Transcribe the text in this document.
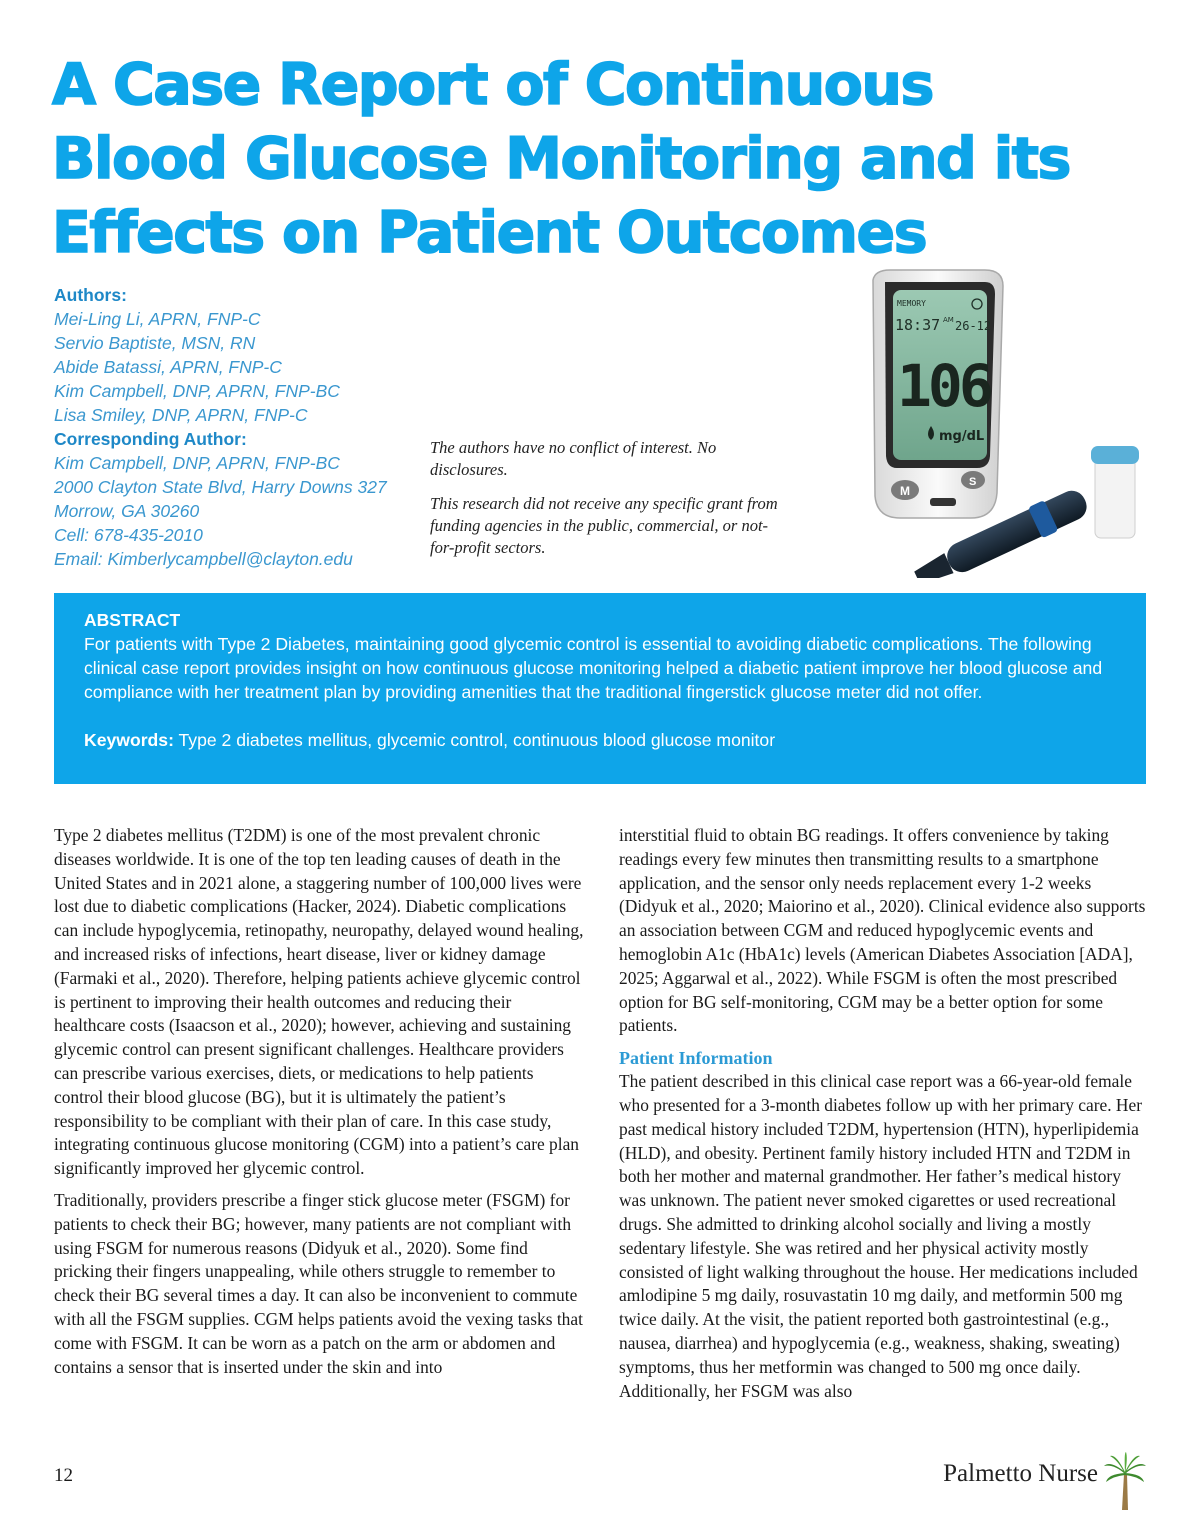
A Case Report of Continuous
Blood Glucose Monitoring and its
Effects on Patient Outcomes
Authors:
Mei-Ling Li, APRN, FNP-C
Servio Baptiste, MSN, RN
Abide Batassi, APRN, FNP-C
Kim Campbell, DNP, APRN, FNP-BC
Lisa Smiley, DNP, APRN, FNP-C
Corresponding Author:
Kim Campbell, DNP, APRN, FNP-BC
2000 Clayton State Blvd, Harry Downs 327
Morrow, GA 30260
Cell: 678-435-2010
Email: Kimberlycampbell@clayton.edu

The authors have no conflict of interest. No disclosures.

This research did not receive any specific grant from funding agencies in the public, commercial, or not-for-profit sectors.

MEMORY
18:37 AM 26-12
106
mg/dL
M
S
ABSTRACT
For patients with Type 2 Diabetes, maintaining good glycemic control is essential to avoiding diabetic complications. The following clinical case report provides insight on how continuous glucose monitoring helped a diabetic patient improve her blood glucose and compliance with her treatment plan by providing amenities that the traditional fingerstick glucose meter did not offer.
Keywords: Type 2 diabetes mellitus, glycemic control, continuous blood glucose monitor

Type 2 diabetes mellitus (T2DM) is one of the most prevalent chronic diseases worldwide. It is one of the top ten leading causes of death in the United States and in 2021 alone, a staggering number of 100,000 lives were lost due to diabetic complications (Hacker, 2024). Diabetic complications can include hypoglycemia, retinopathy, neuropathy, delayed wound healing, and increased risks of infections, heart disease, liver or kidney damage (Farmaki et al., 2020). Therefore, helping patients achieve glycemic control is pertinent to improving their health outcomes and reducing their healthcare costs (Isaacson et al., 2020); however, achieving and sustaining glycemic control can present significant challenges. Healthcare providers can prescribe various exercises, diets, or medications to help patients control their blood glucose (BG), but it is ultimately the patient’s responsibility to be compliant with their plan of care. In this case study, integrating continuous glucose monitoring (CGM) into a patient’s care plan significantly improved her glycemic control.

Traditionally, providers prescribe a finger stick glucose meter (FSGM) for patients to check their BG; however, many patients are not compliant with using FSGM for numerous reasons (Didyuk et al., 2020). Some find pricking their fingers unappealing, while others struggle to remember to check their BG several times a day. It can also be inconvenient to commute with all the FSGM supplies. CGM helps patients avoid the vexing tasks that come with FSGM. It can be worn as a patch on the arm or abdomen and contains a sensor that is inserted under the skin and into

interstitial fluid to obtain BG readings. It offers convenience by taking readings every few minutes then transmitting results to a smartphone application, and the sensor only needs replacement every 1-2 weeks (Didyuk et al., 2020; Maiorino et al., 2020). Clinical evidence also supports an association between CGM and reduced hypoglycemic events and hemoglobin A1c (HbA1c) levels (American Diabetes Association [ADA], 2025; Aggarwal et al., 2022). While FSGM is often the most prescribed option for BG self-monitoring, CGM may be a better option for some patients.

Patient Information

The patient described in this clinical case report was a 66-year-old female who presented for a 3-month diabetes follow up with her primary care. Her past medical history included T2DM, hypertension (HTN), hyperlipidemia (HLD), and obesity. Pertinent family history included HTN and T2DM in both her mother and maternal grandmother. Her father’s medical history was unknown. The patient never smoked cigarettes or used recreational drugs. She admitted to drinking alcohol socially and living a mostly sedentary lifestyle. She was retired and her physical activity mostly consisted of light walking throughout the house. Her medications included amlodipine 5 mg daily, rosuvastatin 10 mg daily, and metformin 500 mg twice daily. At the visit, the patient reported both gastrointestinal (e.g., nausea, diarrhea) and hypoglycemia (e.g., weakness, shaking, sweating) symptoms, thus her metformin was changed to 500 mg once daily. Additionally, her FSGM was also

12	Palmetto Nurse
